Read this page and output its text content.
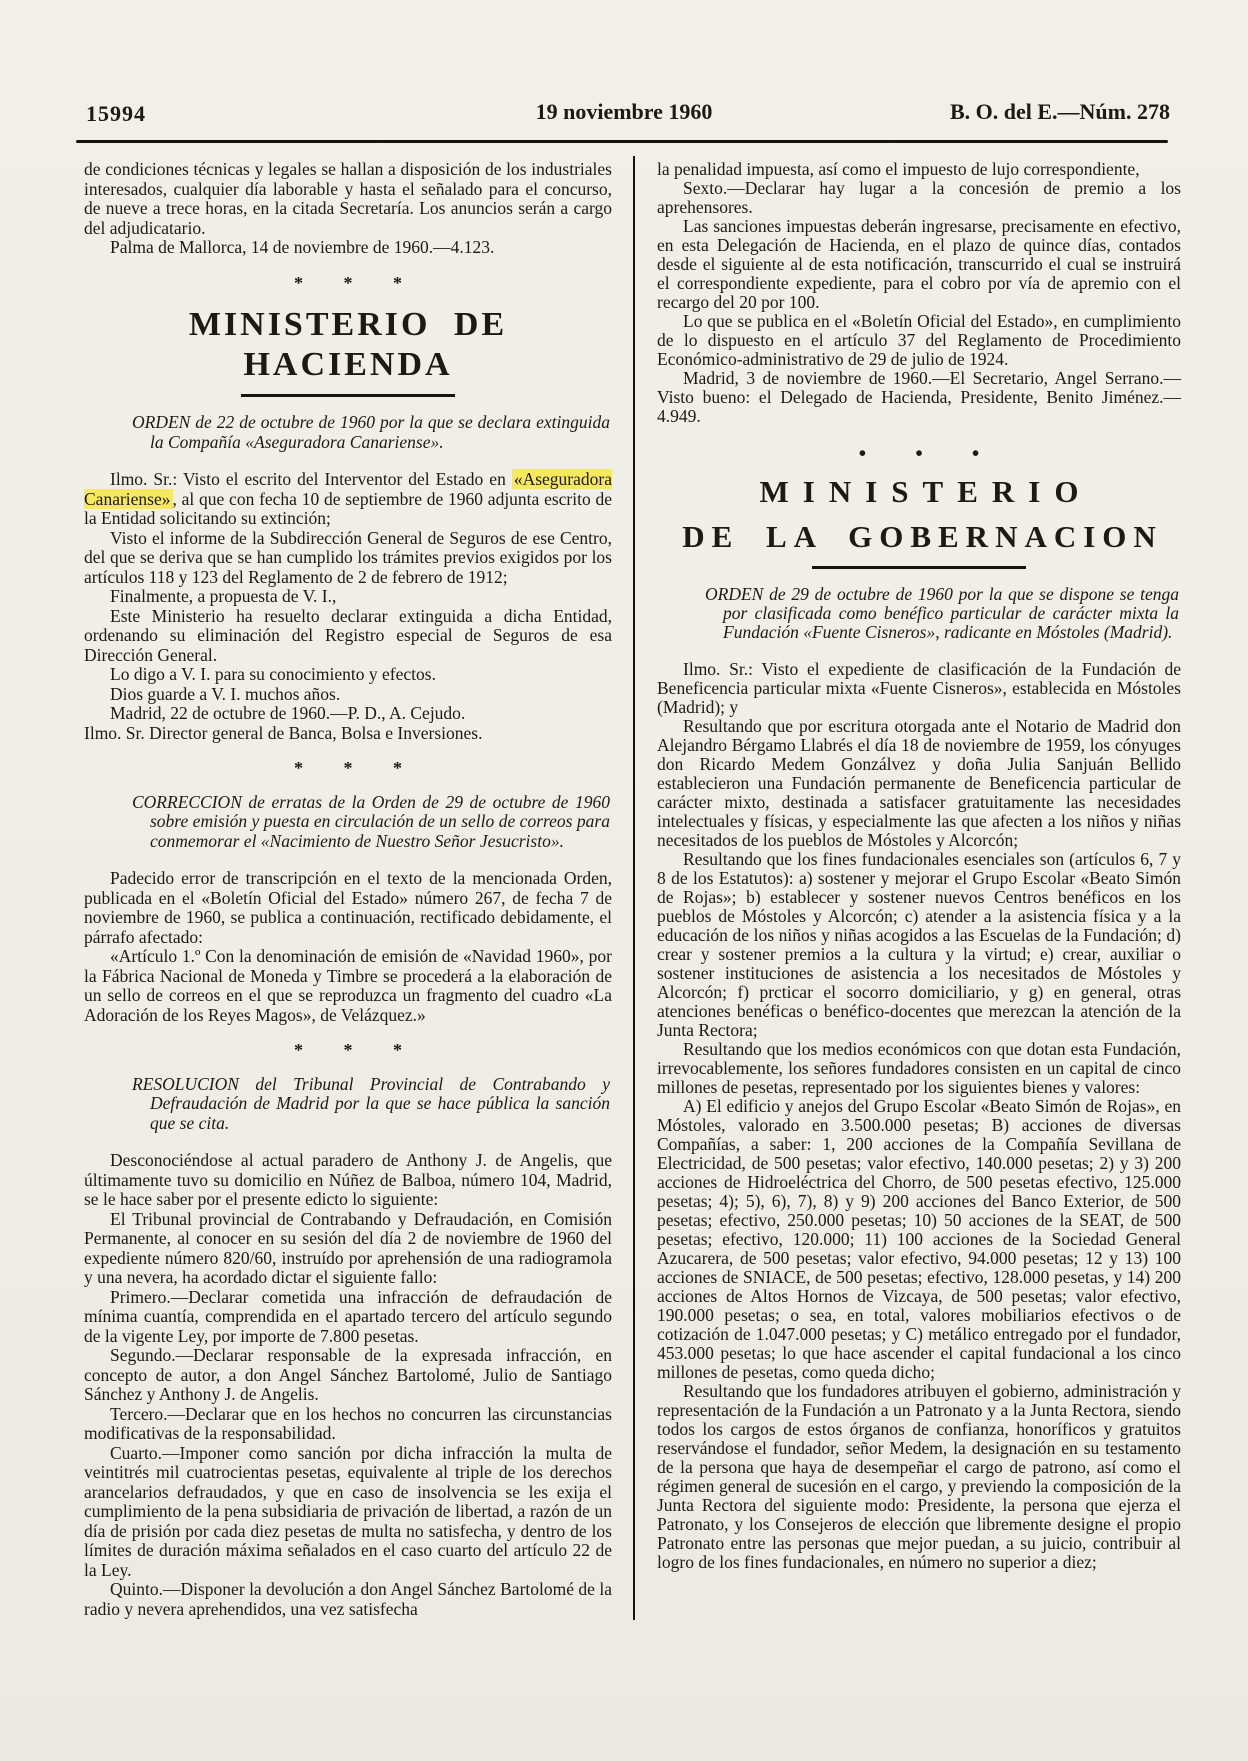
15994	19 noviembre 1960	B. O. del E.—Núm. 278

de condiciones técnicas y legales se hallan a disposición de los industriales interesados, cualquier día laborable y hasta el señalado para el concurso, de nueve a trece horas, en la citada Secretaría. Los anuncios serán a cargo del adjudicatario.

Palma de Mallorca, 14 de noviembre de 1960.—4.123.

* * *
MINISTERIO DE HACIENDA

ORDEN de 22 de octubre de 1960 por la que se declara extinguida la Compañía «Aseguradora Canariense».

Ilmo. Sr.: Visto el escrito del Interventor del Estado en «Aseguradora Canariense» , al que con fecha 10 de septiembre de 1960 adjunta escrito de la Entidad solicitando su extinción;

Visto el informe de la Subdirección General de Seguros de ese Centro, del que se deriva que se han cumplido los trámites previos exigidos por los artículos 118 y 123 del Reglamento de 2 de febrero de 1912;

Finalmente, a propuesta de V. I.,

Este Ministerio ha resuelto declarar extinguida a dicha Entidad, ordenando su eliminación del Registro especial de Seguros de esa Dirección General.

Lo digo a V. I. para su conocimiento y efectos.

Dios guarde a V. I. muchos años.

Madrid, 22 de octubre de 1960.—P. D., A. Cejudo.

Ilmo. Sr. Director general de Banca, Bolsa e Inversiones.

* * *

CORRECCION de erratas de la Orden de 29 de octubre de 1960 sobre emisión y puesta en circulación de un sello de correos para conmemorar el «Nacimiento de Nuestro Señor Jesucristo».

Padecido error de transcripción en el texto de la mencionada Orden, publicada en el «Boletín Oficial del Estado» número 267, de fecha 7 de noviembre de 1960, se publica a continuación, rectificado debidamente, el párrafo afectado:

«Artículo 1.º Con la denominación de emisión de «Navidad 1960», por la Fábrica Nacional de Moneda y Timbre se procederá a la elaboración de un sello de correos en el que se reproduzca un fragmento del cuadro «La Adoración de los Reyes Magos», de Velázquez.»

* * *

RESOLUCION del Tribunal Provincial de Contrabando y Defraudación de Madrid por la que se hace pública la sanción que se cita.

Desconociéndose al actual paradero de Anthony J. de Angelis, que últimamente tuvo su domicilio en Núñez de Balboa, número 104, Madrid, se le hace saber por el presente edicto lo siguiente:

El Tribunal provincial de Contrabando y Defraudación, en Comisión Permanente, al conocer en su sesión del día 2 de noviembre de 1960 del expediente número 820/60, instruído por aprehensión de una radiogramola y una nevera, ha acordado dictar el siguiente fallo:

Primero.—Declarar cometida una infracción de defraudación de mínima cuantía, comprendida en el apartado tercero del artículo segundo de la vigente Ley, por importe de 7.800 pesetas.

Segundo.—Declarar responsable de la expresada infracción, en concepto de autor, a don Angel Sánchez Bartolomé, Julio de Santiago Sánchez y Anthony J. de Angelis.

Tercero.—Declarar que en los hechos no concurren las circunstancias modificativas de la responsabilidad.

Cuarto.—Imponer como sanción por dicha infracción la multa de veintitrés mil cuatrocientas pesetas, equivalente al triple de los derechos arancelarios defraudados, y que en caso de insolvencia se les exija el cumplimiento de la pena subsidiaria de privación de libertad, a razón de un día de prisión por cada diez pesetas de multa no satisfecha, y dentro de los límites de duración máxima señalados en el caso cuarto del artículo 22 de la Ley.

Quinto.—Disponer la devolución a don Angel Sánchez Bartolomé de la radio y nevera aprehendidos, una vez satisfecha

la penalidad impuesta, así como el impuesto de lujo correspondiente,

Sexto.—Declarar hay lugar a la concesión de premio a los aprehensores.

Las sanciones impuestas deberán ingresarse, precisamente en efectivo, en esta Delegación de Hacienda, en el plazo de quince días, contados desde el siguiente al de esta notificación, transcurrido el cual se instruirá el correspondiente expediente, para el cobro por vía de apremio con el recargo del 20 por 100.

Lo que se publica en el «Boletín Oficial del Estado», en cumplimiento de lo dispuesto en el artículo 37 del Reglamento de Procedimiento Económico-administrativo de 29 de julio de 1924.

Madrid, 3 de noviembre de 1960.—El Secretario, Angel Serrano.—Visto bueno: el Delegado de Hacienda, Presidente, Benito Jiménez.—4.949.

• • •
MINISTERIO
DE LA GOBERNACION

ORDEN de 29 de octubre de 1960 por la que se dispone se tenga por clasificada como benéfico particular de carácter mixta la Fundación «Fuente Cisneros», radicante en Móstoles (Madrid).

Ilmo. Sr.: Visto el expediente de clasificación de la Fundación de Beneficencia particular mixta «Fuente Cisneros», establecida en Móstoles (Madrid); y

Resultando que por escritura otorgada ante el Notario de Madrid don Alejandro Bérgamo Llabrés el día 18 de noviembre de 1959, los cónyuges don Ricardo Medem Gonzálvez y doña Julia Sanjuán Bellido establecieron una Fundación permanente de Beneficencia particular de carácter mixto, destinada a satisfacer gratuitamente las necesidades intelectuales y físicas, y especialmente las que afecten a los niños y niñas necesitados de los pueblos de Móstoles y Alcorcón;

Resultando que los fines fundacionales esenciales son (artículos 6, 7 y 8 de los Estatutos): a) sostener y mejorar el Grupo Escolar «Beato Simón de Rojas»; b) establecer y sostener nuevos Centros benéficos en los pueblos de Móstoles y Alcorcón; c) atender a la asistencia física y a la educación de los niños y niñas acogidos a las Escuelas de la Fundación; d) crear y sostener premios a la cultura y la virtud; e) crear, auxiliar o sostener instituciones de asistencia a los necesitados de Móstoles y Alcorcón; f) prcticar el socorro domiciliario, y g) en general, otras atenciones benéficas o benéfico-docentes que merezcan la atención de la Junta Rectora;

Resultando que los medios económicos con que dotan esta Fundación, irrevocablemente, los señores fundadores consisten en un capital de cinco millones de pesetas, representado por los siguientes bienes y valores:

A) El edificio y anejos del Grupo Escolar «Beato Simón de Rojas», en Móstoles, valorado en 3.500.000 pesetas; B) acciones de diversas Compañías, a saber: 1, 200 acciones de la Compañía Sevillana de Electricidad, de 500 pesetas; valor efectivo, 140.000 pesetas; 2) y 3) 200 acciones de Hidroeléctrica del Chorro, de 500 pesetas efectivo, 125.000 pesetas; 4); 5), 6), 7), 8) y 9) 200 acciones del Banco Exterior, de 500 pesetas; efectivo, 250.000 pesetas; 10) 50 acciones de la SEAT, de 500 pesetas; efectivo, 120.000; 11) 100 acciones de la Sociedad General Azucarera, de 500 pesetas; valor efectivo, 94.000 pesetas; 12 y 13) 100 acciones de SNIACE, de 500 pesetas; efectivo, 128.000 pesetas, y 14) 200 acciones de Altos Hornos de Vizcaya, de 500 pesetas; valor efectivo, 190.000 pesetas; o sea, en total, valores mobiliarios efectivos o de cotización de 1.047.000 pesetas; y C) metálico entregado por el fundador, 453.000 pesetas; lo que hace ascender el capital fundacional a los cinco millones de pesetas, como queda dicho;

Resultando que los fundadores atribuyen el gobierno, administración y representación de la Fundación a un Patronato y a la Junta Rectora, siendo todos los cargos de estos órganos de confianza, honoríficos y gratuitos reservándose el fundador, señor Medem, la designación en su testamento de la persona que haya de desempeñar el cargo de patrono, así como el régimen general de sucesión en el cargo, y previendo la composición de la Junta Rectora del siguiente modo: Presidente, la persona que ejerza el Patronato, y los Consejeros de elección que libremente designe el propio Patronato entre las personas que mejor puedan, a su juicio, contribuir al logro de los fines fundacionales, en número no superior a diez;
